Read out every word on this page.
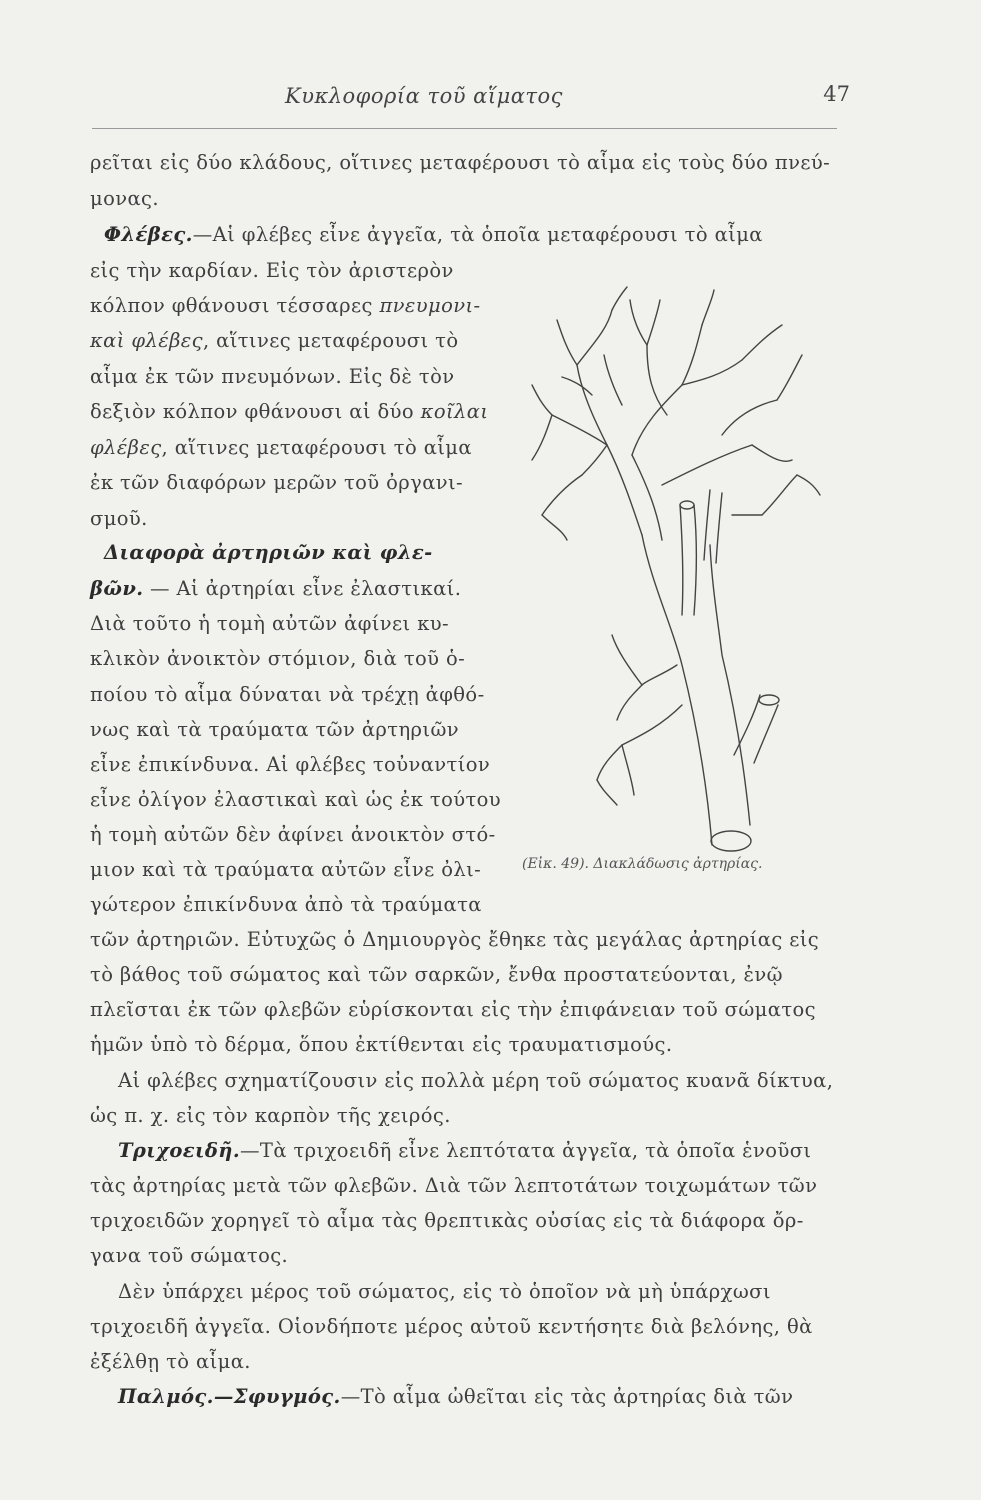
Κυκλοφορία τοῦ αἵματος	47
ρεῖται εἰς δύο κλάδους, οἵτινες μεταφέρουσι τὸ αἷμα εἰς τοὺς δύο πνεύ-
μονας.
Φλέβες.—Αἱ φλέβες εἶνε ἀγγεῖα, τὰ ὁποῖα μεταφέρουσι τὸ αἷμα
εἰς τὴν καρδίαν. Εἰς τὸν ἀριστερὸν
κόλπον φθάνουσι τέσσαρες πνευμονι-
καὶ φλέβες, αἵτινες μεταφέρουσι τὸ
αἷμα ἐκ τῶν πνευμόνων. Εἰς δὲ τὸν
δεξιὸν κόλπον φθάνουσι αἱ δύο κοῖλαι
φλέβες, αἵτινες μεταφέρουσι τὸ αἷμα
ἐκ τῶν διαφόρων μερῶν τοῦ ὀργανι-
σμοῦ.
Διαφορὰ ἀρτηριῶν καὶ φλε-
βῶν. — Αἱ ἀρτηρίαι εἶνε ἐλαστικαί.
Διὰ τοῦτο ἡ τομὴ αὐτῶν ἀφίνει κυ-
κλικὸν ἀνοικτὸν στόμιον, διὰ τοῦ ὁ-
ποίου τὸ αἷμα δύναται νὰ τρέχῃ ἀφθό-
νως καὶ τὰ τραύματα τῶν ἀρτηριῶν
εἶνε ἐπικίνδυνα. Αἱ φλέβες τοὐναντίον
εἶνε ὀλίγον ἐλαστικαὶ καὶ ὡς ἐκ τούτου
ἡ τομὴ αὐτῶν δὲν ἀφίνει ἀνοικτὸν στό-
μιον καὶ τὰ τραύματα αὐτῶν εἶνε ὀλι-
γώτερον ἐπικίνδυνα ἀπὸ τὰ τραύματα
τῶν ἀρτηριῶν. Εὐτυχῶς ὁ Δημιουργὸς ἔθηκε τὰς μεγάλας ἀρτηρίας εἰς
τὸ βάθος τοῦ σώματος καὶ τῶν σαρκῶν, ἔνθα προστατεύονται, ἐνῷ
πλεῖσται ἐκ τῶν φλεβῶν εὑρίσκονται εἰς τὴν ἐπιφάνειαν τοῦ σώματος
ἡμῶν ὑπὸ τὸ δέρμα, ὅπου ἐκτίθενται εἰς τραυματισμούς.
Αἱ φλέβες σχηματίζουσιν εἰς πολλὰ μέρη τοῦ σώματος κυανᾶ δίκτυα,
ὡς π. χ. εἰς τὸν καρπὸν τῆς χειρός.
Τριχοειδῆ.—Τὰ τριχοειδῆ εἶνε λεπτότατα ἀγγεῖα, τὰ ὁποῖα ἑνοῦσι
τὰς ἀρτηρίας μετὰ τῶν φλεβῶν. Διὰ τῶν λεπτοτάτων τοιχωμάτων τῶν
τριχοειδῶν χορηγεῖ τὸ αἷμα τὰς θρεπτικὰς οὐσίας εἰς τὰ διάφορα ὄρ-
γανα τοῦ σώματος.
Δὲν ὑπάρχει μέρος τοῦ σώματος, εἰς τὸ ὁποῖον νὰ μὴ ὑπάρχωσι
τριχοειδῆ ἀγγεῖα. Οἱονδήποτε μέρος αὐτοῦ κεντήσητε διὰ βελόνης, θὰ
ἐξέλθῃ τὸ αἷμα.
Παλμός.—Σφυγμός.—Τὸ αἷμα ὠθεῖται εἰς τὰς ἀρτηρίας διὰ τῶν
(Εἰκ. 49). Διακλάδωσις ἀρτηρίας.
